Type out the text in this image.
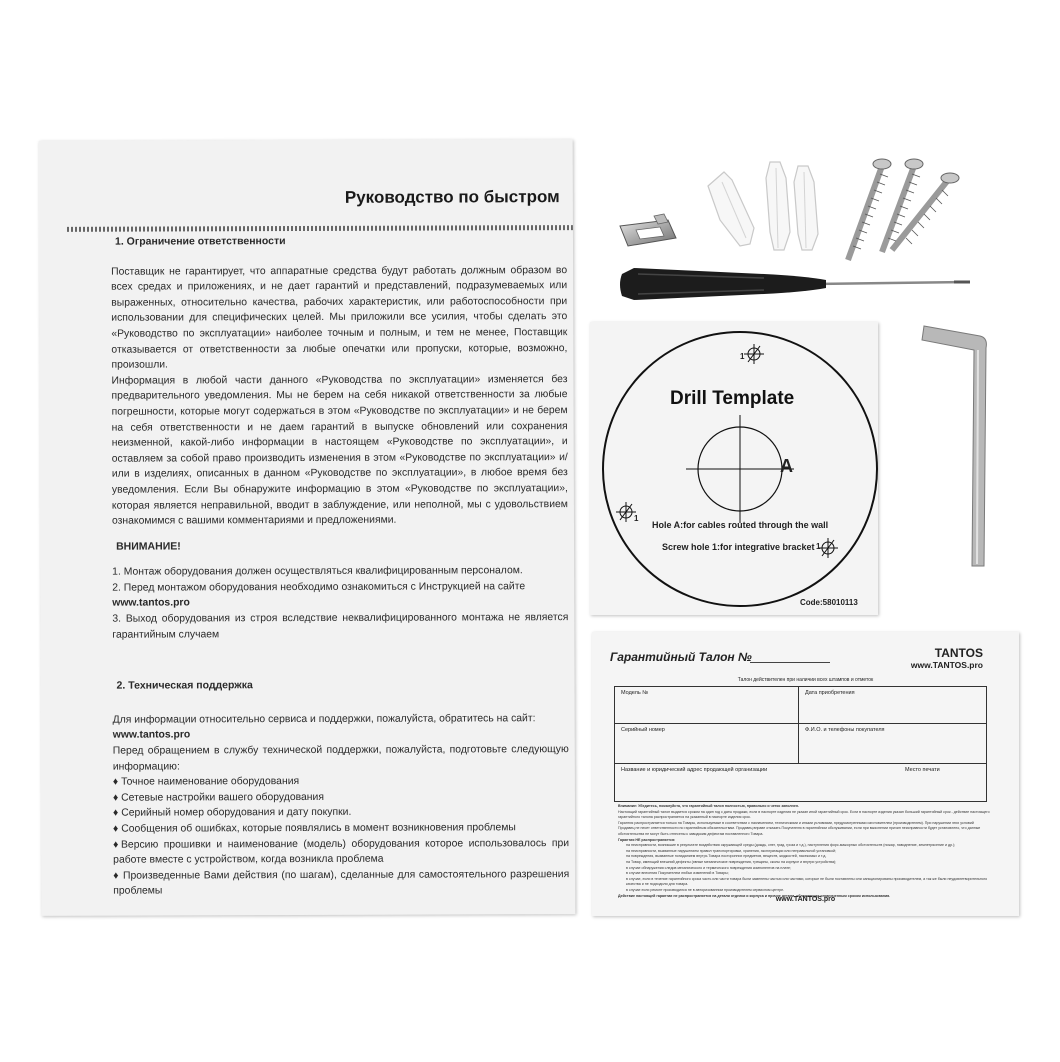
Руководство по быстром
1. Ограничение ответственности

Поставщик не гарантирует, что аппаратные средства будут работать должным образом во всех средах и приложениях, и не дает гарантий и представлений, подразумеваемых или выраженных, относительно качества, рабочих характеристик, или работоспособности при использовании для специфических целей. Мы приложили все усилия, чтобы сделать это «Руководство по эксплуатации» наиболее точным и полным, и тем не менее, Поставщик отказывается от ответственности за любые опечатки или пропуски, которые, возможно, произошли.

Информация в любой части данного «Руководства по эксплуатации» изменяется без предварительного уведомления. Мы не берем на себя никакой ответственности за любые погрешности, которые могут содержаться в этом «Руководстве по эксплуатации» и не берем на себя ответственности и не даем гарантий в выпуске обновлений или сохранения неизменной, какой-либо информации в настоящем «Руководстве по эксплуатации», и оставляем за собой право производить изменения в этом «Руководстве по эксплуатации» и/или в изделиях, описанных в данном «Руководстве по эксплуатации», в любое время без уведомления. Если Вы обнаружите информацию в этом «Руководстве по эксплуатации», которая является неправильной, вводит в заблуждение, или неполной, мы с удовольствием ознакомимся с вашими комментариями и предложениями.

ВНИМАНИЕ!

1. Монтаж оборудования должен осуществляться квалифицированным персоналом.

2. Перед монтажом оборудования необходимо ознакомиться с Инструкцией на сайте

www.tantos.pro

3. Выход оборудования из строя вследствие неквалифицированного монтажа не является гарантийным случаем

2. Техническая поддержка

Для информации относительно сервиса и поддержки, пожалуйста, обратитесь на сайт:

www.tantos.pro

Перед обращением в службу технической поддержки, пожалуйста, подготовьте следующую информацию:

♦ Точное наименование оборудования

♦ Сетевые настройки вашего оборудования

♦ Серийный номер оборудования и дату покупки.

♦ Сообщения об ошибках, которые появлялись в момент возникновения проблемы

♦Версию прошивки и наименование (модель) оборудования которое использовалось при работе вместе с устройством, когда возникла проблема

♦ Произведенные Вами действия (по шагам), сделанные для самостоятельного разрешения проблемы

1
1
1
Drill Template
A
Hole A:for cables routed through the wall
Screw hole 1:for integrative bracket
Code:58010113
Гарантийный Талон №	TANTOS
www.TANTOS.pro
Талон действителен при наличии всех штампов и отметок
Модель №	Дата приобретения
Серийный номер	Ф.И.О. и телефоны покупателя
Название и юридический адрес продающей организации	Место печати

Внимание: Убедитесь, пожалуйста, что гарантийный талон полностью, правильно и четко заполнен.

Настоящий гарантийный талон выдается сроком на один год с даты продажи, если в паспорте изделия не указан иной гарантийный срок. Если в паспорте изделия указан больший гарантийный срок - действие настоящего гарантийного талона распространяется на указанный в паспорте изделия срок.

Гарантия распространяется только на Товары, используемые в соответствии с назначением, техническими и иными условиями, предусмотренными изготовителем (производителем). При нарушении этих условий Продавец не несет ответственности по гарантийным обязательствам. Продавец вправе отказать Покупателю в гарантийном обслуживании, если при выяснении причин неисправности будет установлено, что данные обстоятельства не могут быть отнесены к заводским дефектам поставленного Товара.

Гарантия НЕ распространяется:

на неисправности, возникшие в результате воздействия окружающей среды (дождь, снег, град, гроза и т.д.), наступления форс-мажорных обстоятельств (пожар, наводнение, землетрясение и др.);

на неисправности, вызванные нарушением правил транспортировки, хранения, эксплуатации или неправильной установкой;

на повреждения, вызванные попаданием внутрь Товара посторонних предметов, веществ, жидкостей, насекомых и т.д.

на Товар, имеющий внешний дефекты (явные механические повреждения, трещины, сколы на корпусе и внутри устройства);

в случае обнаружения следов механического и термического повреждения компонентов на плате;

в случае внесения Покупателем любых изменений в Товары;

в случае, если в течение гарантийного срока часть или части товара были заменены частью или частями, которые не были поставлены или санкционированы производителем, а так же были неудовлетворительного качества и не подходили для товара.

в случае если ремонт производился не в авторизованном производителем сервисном центре.

Действие настоящей гарантии не распространяется на детали отделки и корпуса и прочие детали, обладающие ограниченным сроком использования.

www.TANTOS.pro
